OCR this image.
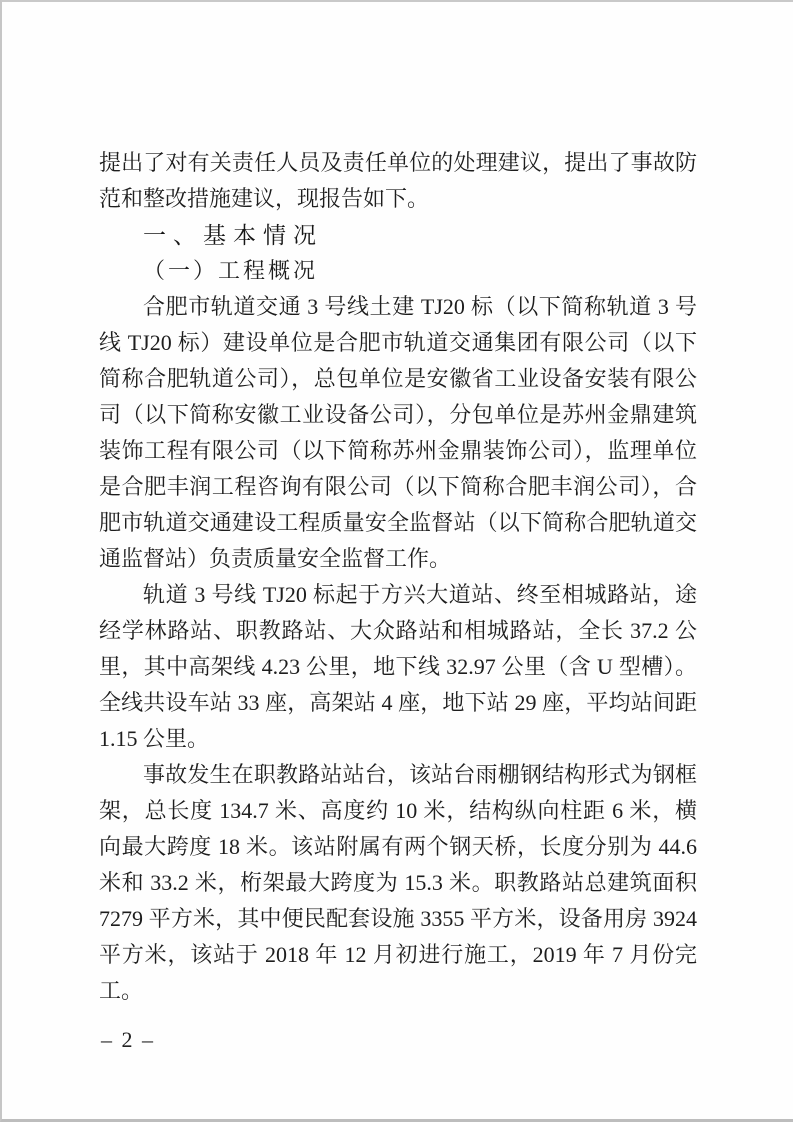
提出了对有关责任人员及责任单位的处理建议，提出了事故防范和整改措施建议，现报告如下。

一、基本情况
（一）工程概况

合肥市轨道交通 3 号线土建 TJ20 标（以下简称轨道 3 号线 TJ20 标）建设单位是合肥市轨道交通集团有限公司（以下简称合肥轨道公司），总包单位是安徽省工业设备安装有限公司（以下简称安徽工业设备公司），分包单位是苏州金鼎建筑装饰工程有限公司（以下简称苏州金鼎装饰公司），监理单位是合肥丰润工程咨询有限公司（以下简称合肥丰润公司），合肥市轨道交通建设工程质量安全监督站（以下简称合肥轨道交通监督站）负责质量安全监督工作。

轨道 3 号线 TJ20 标起于方兴大道站、终至相城路站，途经学林路站、职教路站、大众路站和相城路站，全长 37.2 公里，其中高架线 4.23 公里，地下线 32.97 公里（含 U 型槽）。全线共设车站 33 座，高架站 4 座，地下站 29 座，平均站间距 1.15 公里。

事故发生在职教路站站台，该站台雨棚钢结构形式为钢框架，总长度 134.7 米、高度约 10 米，结构纵向柱距 6 米，横向最大跨度 18 米。该站附属有两个钢天桥，长度分别为 44.6 米和 33.2 米，桁架最大跨度为 15.3 米。职教路站总建筑面积 7279 平方米，其中便民配套设施 3355 平方米，设备用房 3924 平方米，该站于 2018 年 12 月初进行施工，2019 年 7 月份完工。

– 2 –
